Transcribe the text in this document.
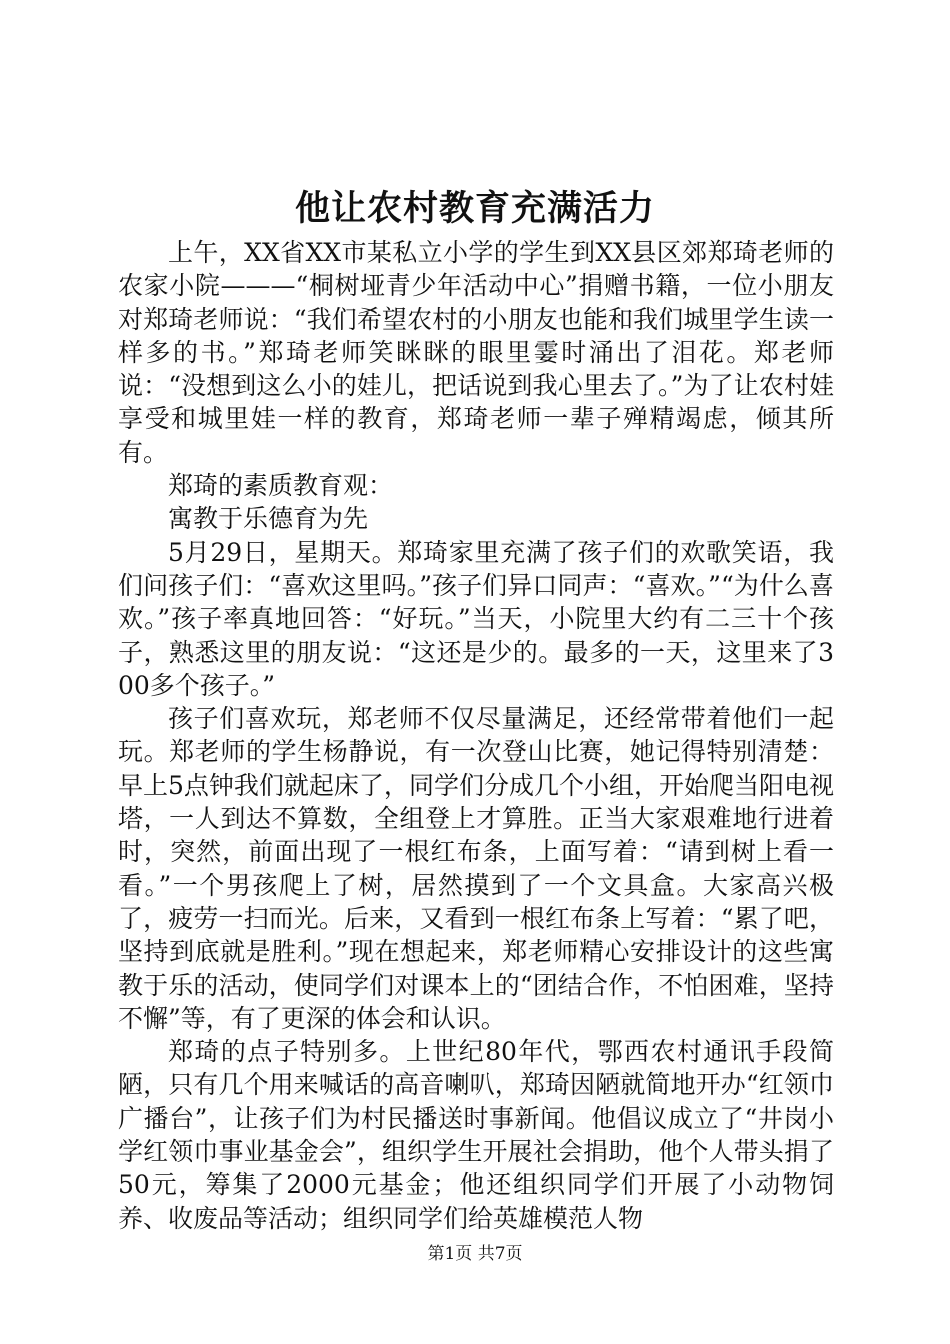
他让农村教育充满活力

上午，XX省XX市某私立小学的学生到XX县区郊郑琦老师的农家小院———“桐树垭青少年活动中心”捐赠书籍，一位小朋友对郑琦老师说：“我们希望农村的小朋友也能和我们城里学生读一样多的书。”郑琦老师笑眯眯的眼里霎时涌出了泪花。郑老师说：“没想到这么小的娃儿，把话说到我心里去了。”为了让农村娃享受和城里娃一样的教育，郑琦老师一辈子殚精竭虑，倾其所有。

郑琦的素质教育观：

寓教于乐德育为先

5月29日，星期天。郑琦家里充满了孩子们的欢歌笑语，我们问孩子们：“喜欢这里吗。”孩子们异口同声：“喜欢。”“为什么喜欢。”孩子率真地回答：“好玩。”当天，小院里大约有二三十个孩子，熟悉这里的朋友说：“这还是少的。最多的一天，这里来了300多个孩子。”

孩子们喜欢玩，郑老师不仅尽量满足，还经常带着他们一起玩。郑老师的学生杨静说，有一次登山比赛，她记得特别清楚：早上5点钟我们就起床了，同学们分成几个小组，开始爬当阳电视塔，一人到达不算数，全组登上才算胜。正当大家艰难地行进着时，突然，前面出现了一根红布条，上面写着：“请到树上看一看。”一个男孩爬上了树，居然摸到了一个文具盒。大家高兴极了，疲劳一扫而光。后来，又看到一根红布条上写着：“累了吧，坚持到底就是胜利。”现在想起来，郑老师精心安排设计的这些寓教于乐的活动，使同学们对课本上的“团结合作，不怕困难，坚持不懈”等，有了更深的体会和认识。

郑琦的点子特别多。上世纪80年代，鄂西农村通讯手段简陋，只有几个用来喊话的高音喇叭，郑琦因陋就简地开办“红领巾广播台”，让孩子们为村民播送时事新闻。他倡议成立了“井岗小学红领巾事业基金会”，组织学生开展社会捐助，他个人带头捐了50元，筹集了2000元基金；他还组织同学们开展了小动物饲养、收废品等活动；组织同学们给英雄模范人物

第1页 共7页
